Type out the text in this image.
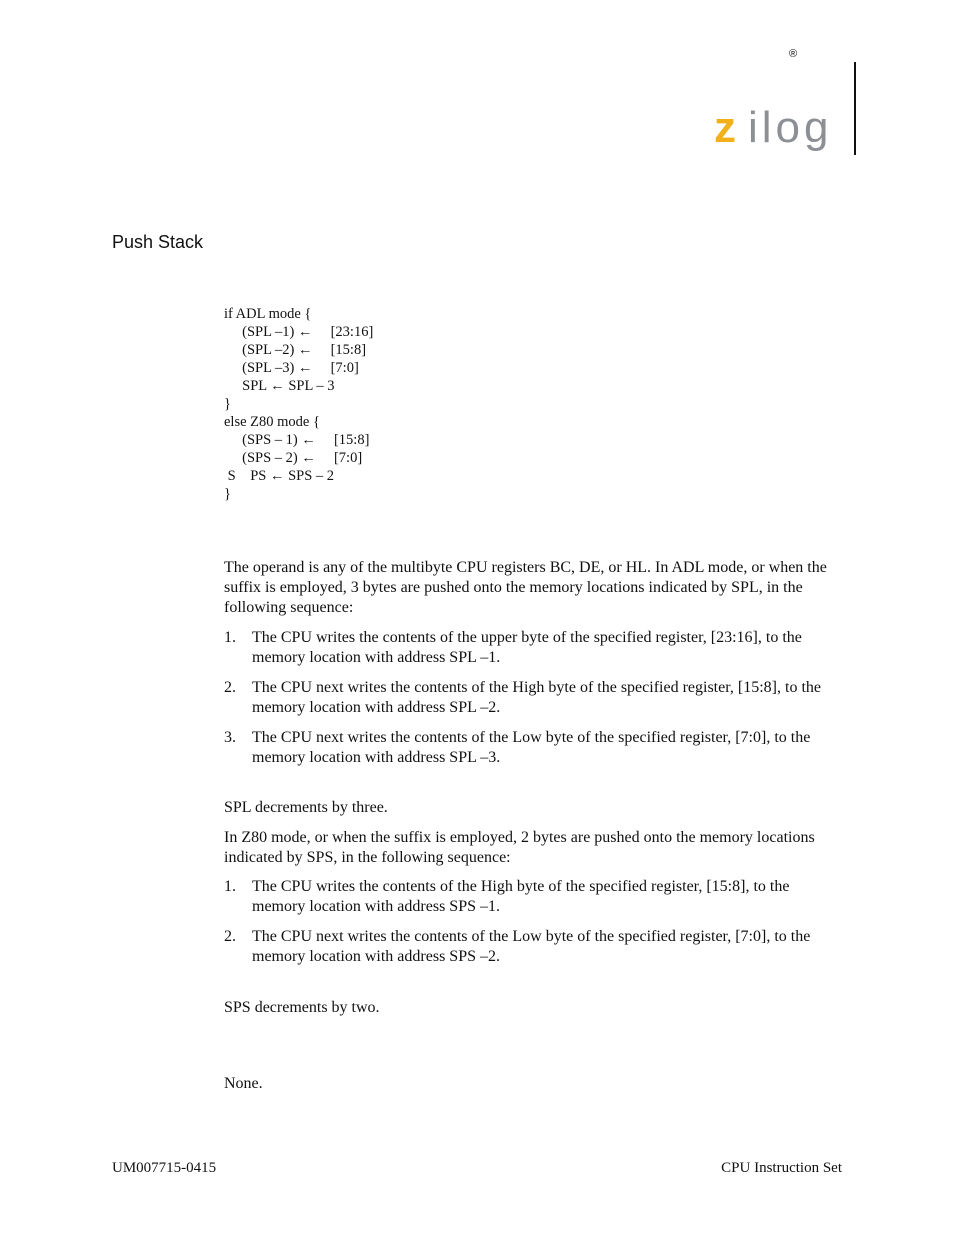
®
z ilog
Push Stack
if ADL mode {
(SPL –1) ←     [23:16]
(SPL –2) ←     [15:8]
(SPL –3) ←     [7:0]
SPL ← SPL – 3
}
else Z80 mode {
(SPS – 1) ←     [15:8]
(SPS – 2) ←     [7:0]
S    PS ← SPS – 2
}
The operand is any of the multibyte CPU registers BC, DE, or HL. In ADL mode, or when the suffix is employed, 3 bytes are pushed onto the memory locations indicated by SPL, in the following sequence:
1. The CPU writes the contents of the upper byte of the specified register, [23:16], to the memory location with address SPL –1.
2. The CPU next writes the contents of the High byte of the specified register, [15:8], to the memory location with address SPL –2.
3. The CPU next writes the contents of the Low byte of the specified register, [7:0], to the memory location with address SPL –3.
SPL decrements by three.
In Z80 mode, or when the suffix is employed, 2 bytes are pushed onto the memory locations indicated by SPS, in the following sequence:
1. The CPU writes the contents of the High byte of the specified register, [15:8], to the memory location with address SPS –1.
2. The CPU next writes the contents of the Low byte of the specified register, [7:0], to the memory location with address SPS –2.
SPS decrements by two.
None.
UM007715-0415	CPU Instruction Set
